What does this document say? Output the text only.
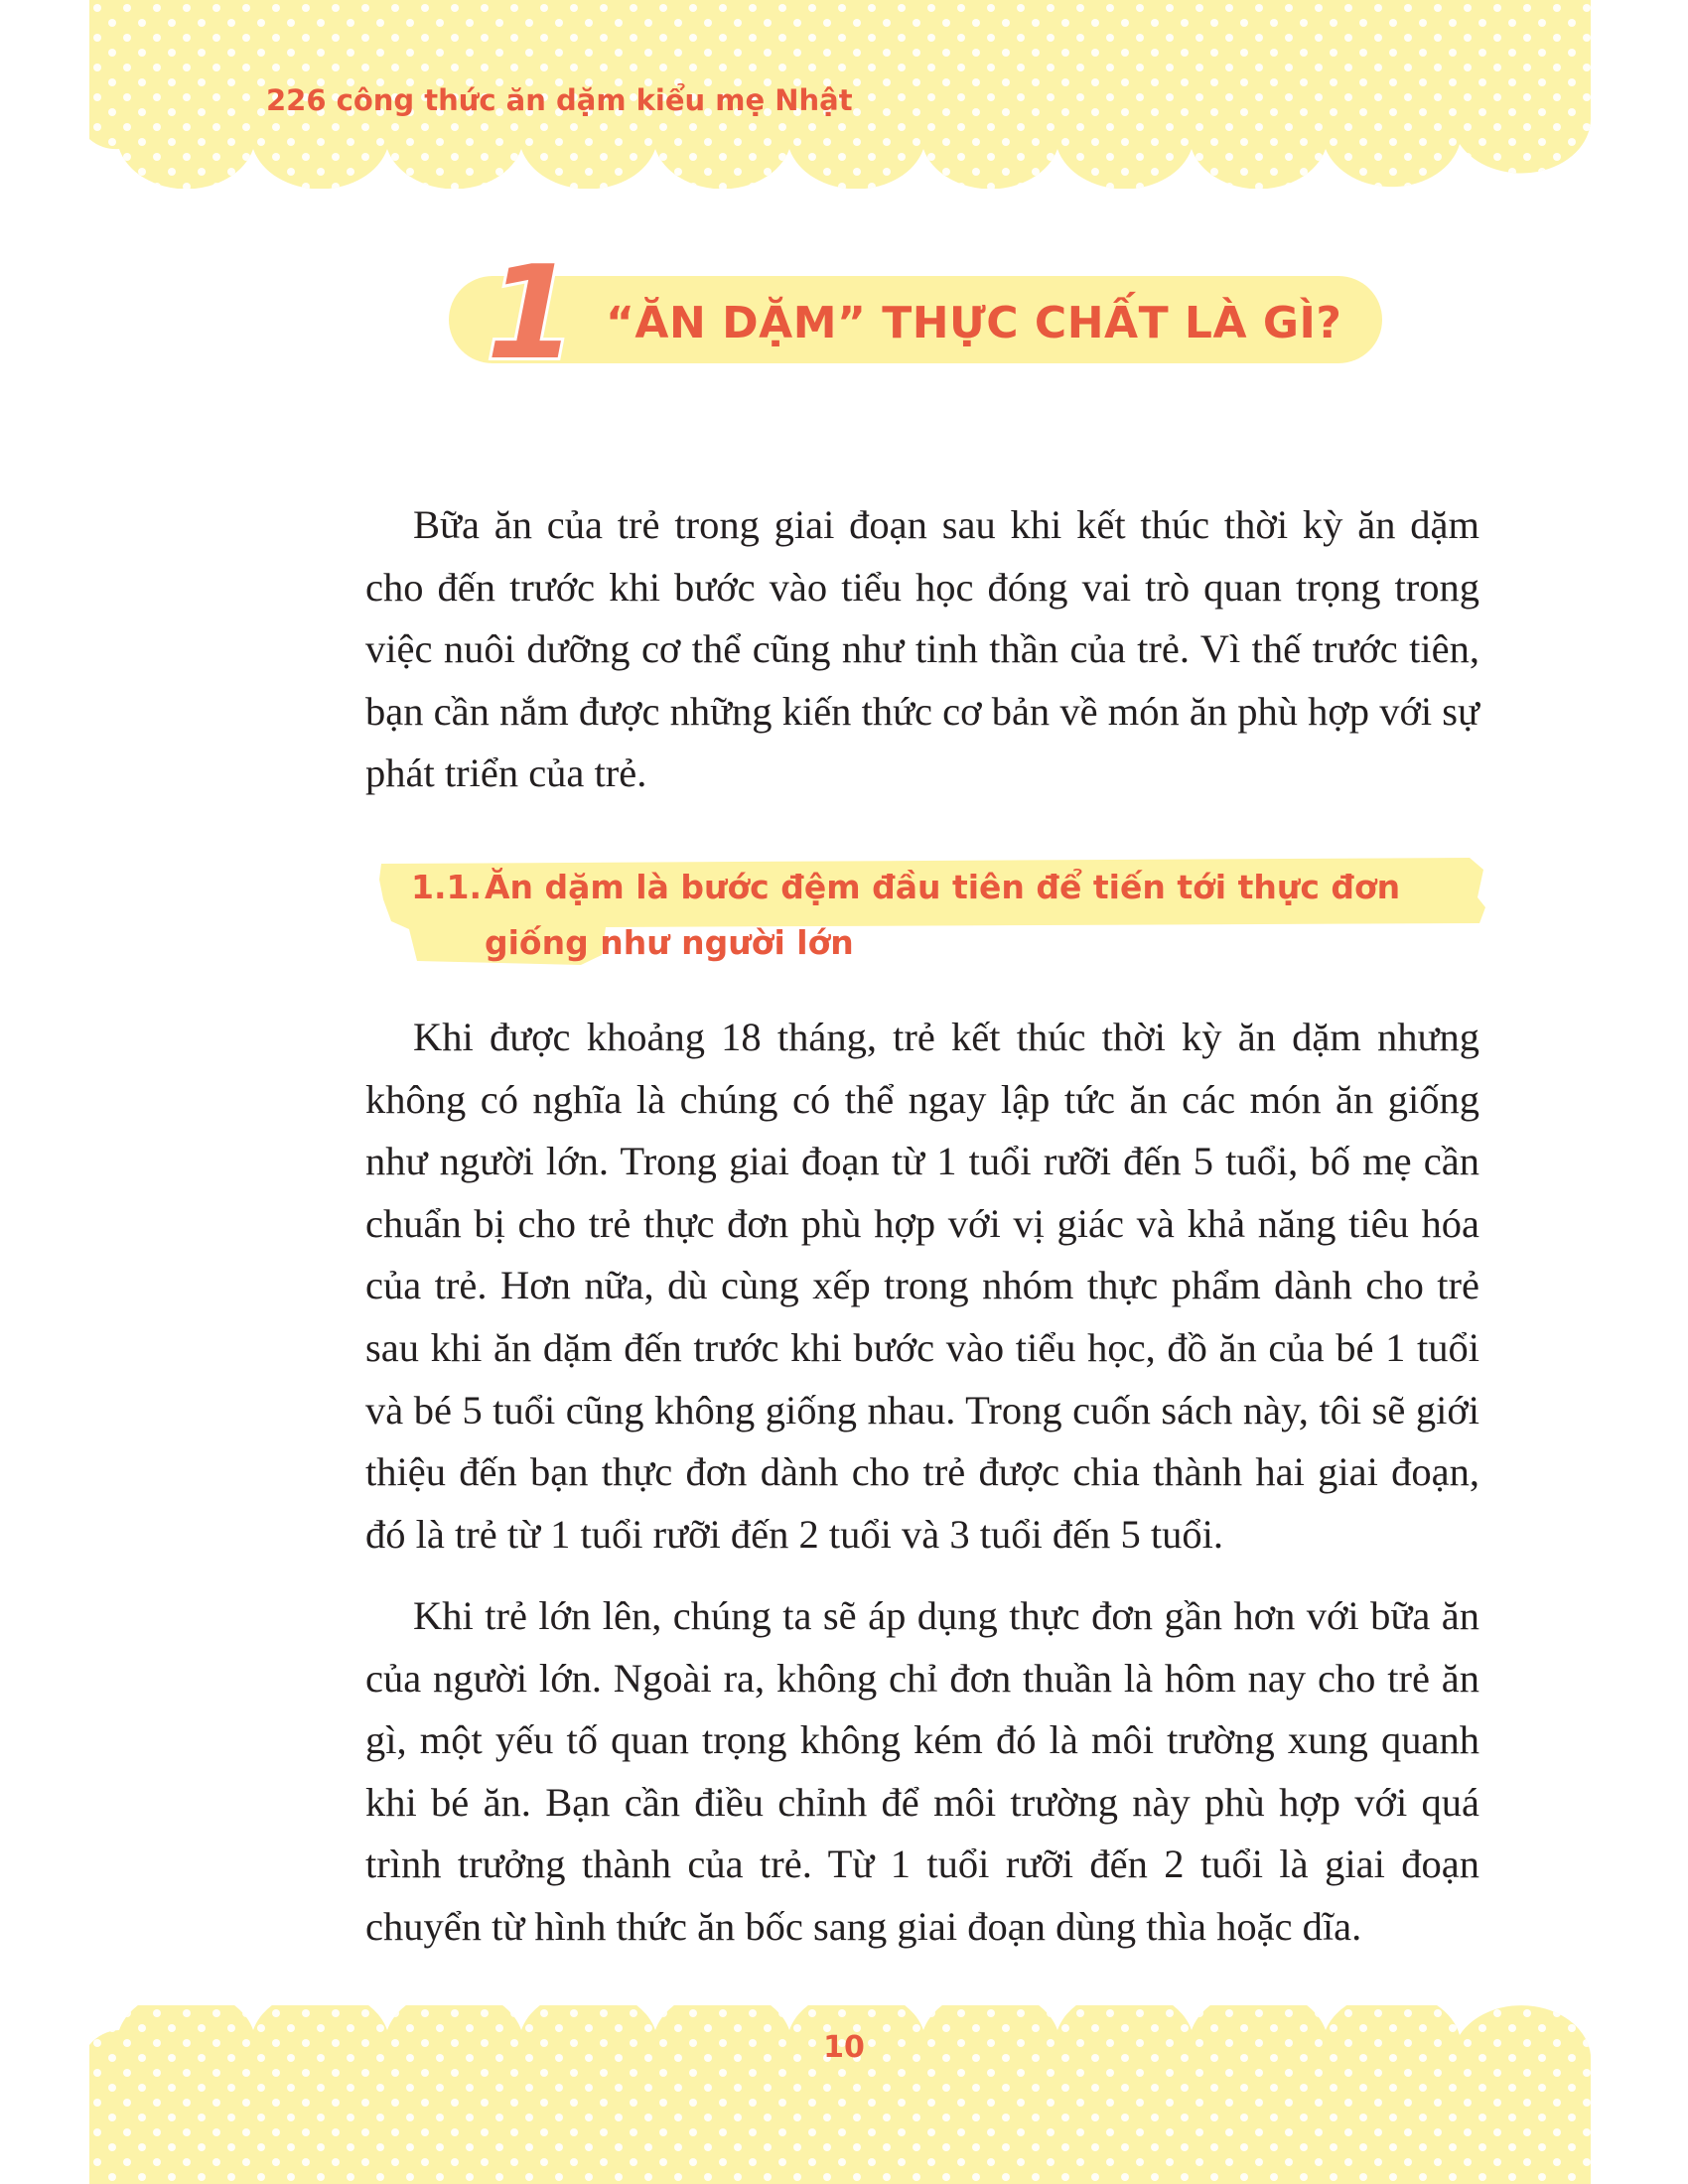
226 công thức ăn dặm kiểu mẹ Nhật

1 “ĂN DẶM” THỰC CHẤT LÀ GÌ?

Bữa ăn của trẻ trong giai đoạn sau khi kết thúc thời kỳ ăn dặm cho đến trước khi bước vào tiểu học đóng vai trò quan trọng trong việc nuôi dưỡng cơ thể cũng như tinh thần của trẻ. Vì thế trước tiên, bạn cần nắm được những kiến thức cơ bản về món ăn phù hợp với sự phát triển của trẻ.

1.1.Ăn dặm là bước đệm đầu tiên để tiến tới thực đơn
giống như người lớn

Khi được khoảng 18 tháng, trẻ kết thúc thời kỳ ăn dặm nhưng không có nghĩa là chúng có thể ngay lập tức ăn các món ăn giống như người lớn. Trong giai đoạn từ 1 tuổi rưỡi đến 5 tuổi, bố mẹ cần chuẩn bị cho trẻ thực đơn phù hợp với vị giác và khả năng tiêu hóa của trẻ. Hơn nữa, dù cùng xếp trong nhóm thực phẩm dành cho trẻ sau khi ăn dặm đến trước khi bước vào tiểu học, đồ ăn của bé 1 tuổi và bé 5 tuổi cũng không giống nhau. Trong cuốn sách này, tôi sẽ giới thiệu đến bạn thực đơn dành cho trẻ được chia thành hai giai đoạn, đó là trẻ từ 1 tuổi rưỡi đến 2 tuổi và 3 tuổi đến 5 tuổi.

Khi trẻ lớn lên, chúng ta sẽ áp dụng thực đơn gần hơn với bữa ăn của người lớn. Ngoài ra, không chỉ đơn thuần là hôm nay cho trẻ ăn gì, một yếu tố quan trọng không kém đó là môi trường xung quanh khi bé ăn. Bạn cần điều chỉnh để môi trường này phù hợp với quá trình trưởng thành của trẻ. Từ 1 tuổi rưỡi đến 2 tuổi là giai đoạn chuyển từ hình thức ăn bốc sang giai đoạn dùng thìa hoặc dĩa.

10
